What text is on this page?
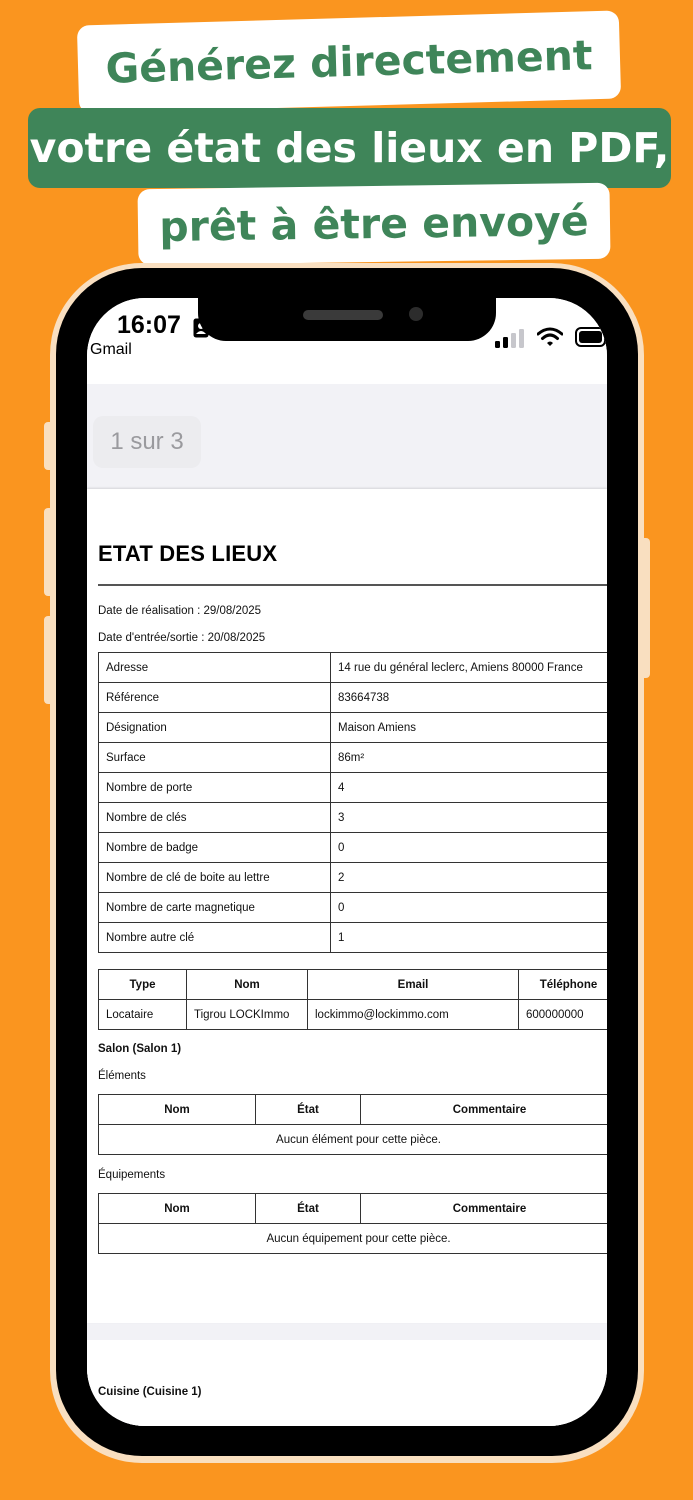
Générez directement
votre état des lieux en PDF,
prêt à être envoyé
16:07
Gmail
1 sur 3
ETAT DES LIEUX
Date de réalisation : 29/08/2025
Date d'entrée/sortie : 20/08/2025
Adresse	14 rue du général leclerc, Amiens 80000 France
Référence	83664738
Désignation	Maison Amiens
Surface	86m²
Nombre de porte	4
Nombre de clés	3
Nombre de badge	0
Nombre de clé de boite au lettre	2
Nombre de carte magnetique	0
Nombre autre clé	1
Type	Nom	Email	Téléphone
Locataire	Tigrou LOCKImmo	lockimmo@lockimmo.com	600000000
Salon (Salon 1)
Éléments
Nom	État	Commentaire
Aucun élément pour cette pièce.
Équipements
Nom	État	Commentaire
Aucun équipement pour cette pièce.
Cuisine (Cuisine 1)
